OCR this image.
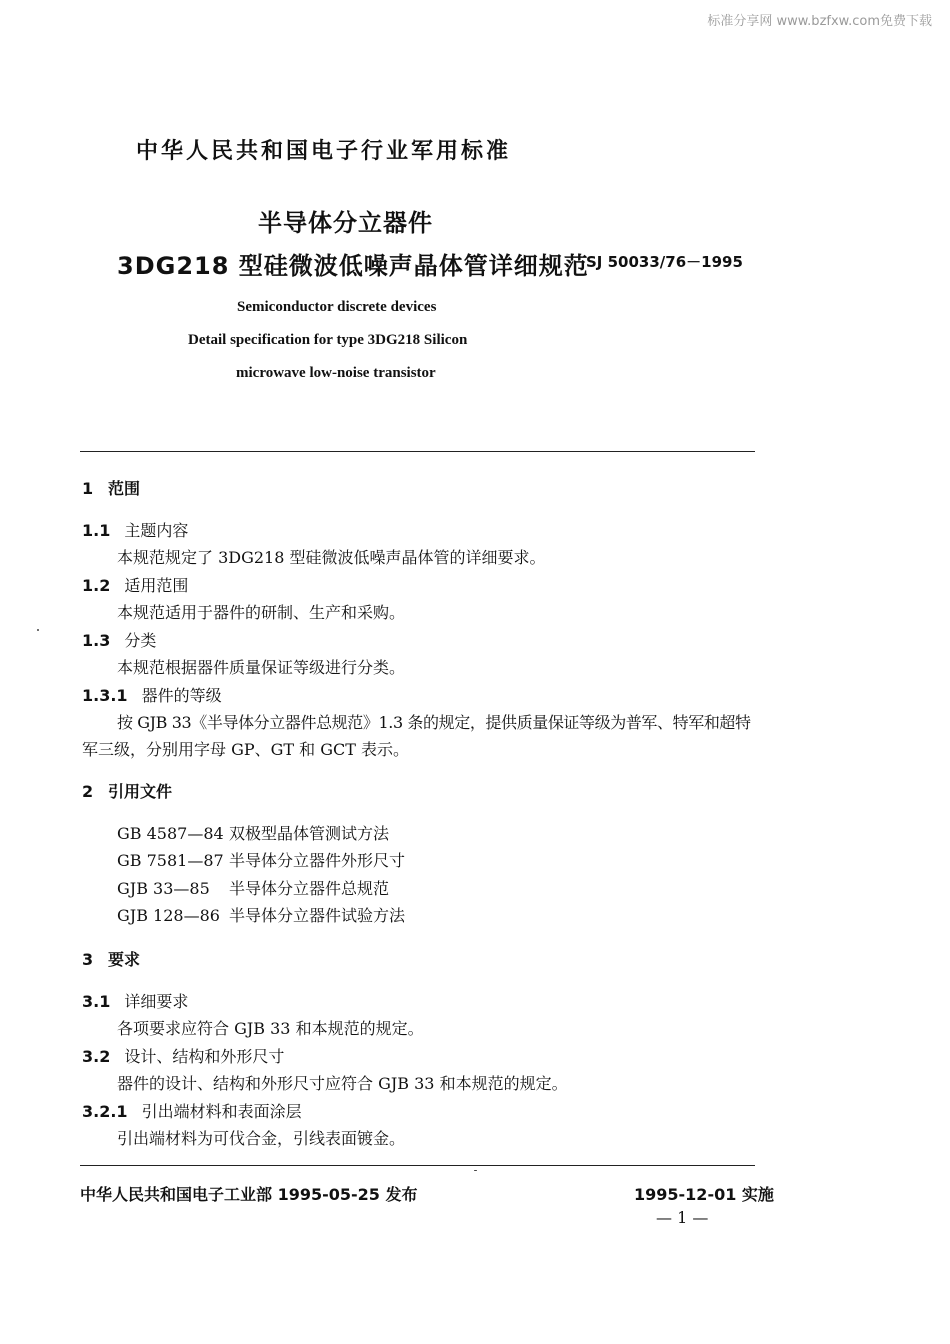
标准分享网 www.bzfxw.com免费下载
中华人民共和国电子行业军用标准
半导体分立器件
3DG218 型硅微波低噪声晶体管详细规范
SJ 50033/76－1995
Semiconductor discrete devices
Detail specification for type 3DG218 Silicon
microwave low-noise transistor
1 范围
1.1 主题内容
本规范规定了 3DG218 型硅微波低噪声晶体管的详细要求。
1.2 适用范围
本规范适用于器件的研制、生产和采购。
1.3 分类
本规范根据器件质量保证等级进行分类。
1.3.1 器件的等级
按 GJB 33《半导体分立器件总规范》1.3 条的规定，提供质量保证等级为普军、特军和超特
军三级，分别用字母 GP、GT 和 GCT 表示。
2 引用文件
GB 4587—84 双极型晶体管测试方法
GB 7581—87 半导体分立器件外形尺寸
GJB 33—85 半导体分立器件总规范
GJB 128—86 半导体分立器件试验方法
3 要求
3.1 详细要求
各项要求应符合 GJB 33 和本规范的规定。
3.2 设计、结构和外形尺寸
器件的设计、结构和外形尺寸应符合 GJB 33 和本规范的规定。
3.2.1 引出端材料和表面涂层
引出端材料为可伐合金，引线表面镀金。
中华人民共和国电子工业部 1995-05-25 发布	1995-12-01 实施
— 1 —
